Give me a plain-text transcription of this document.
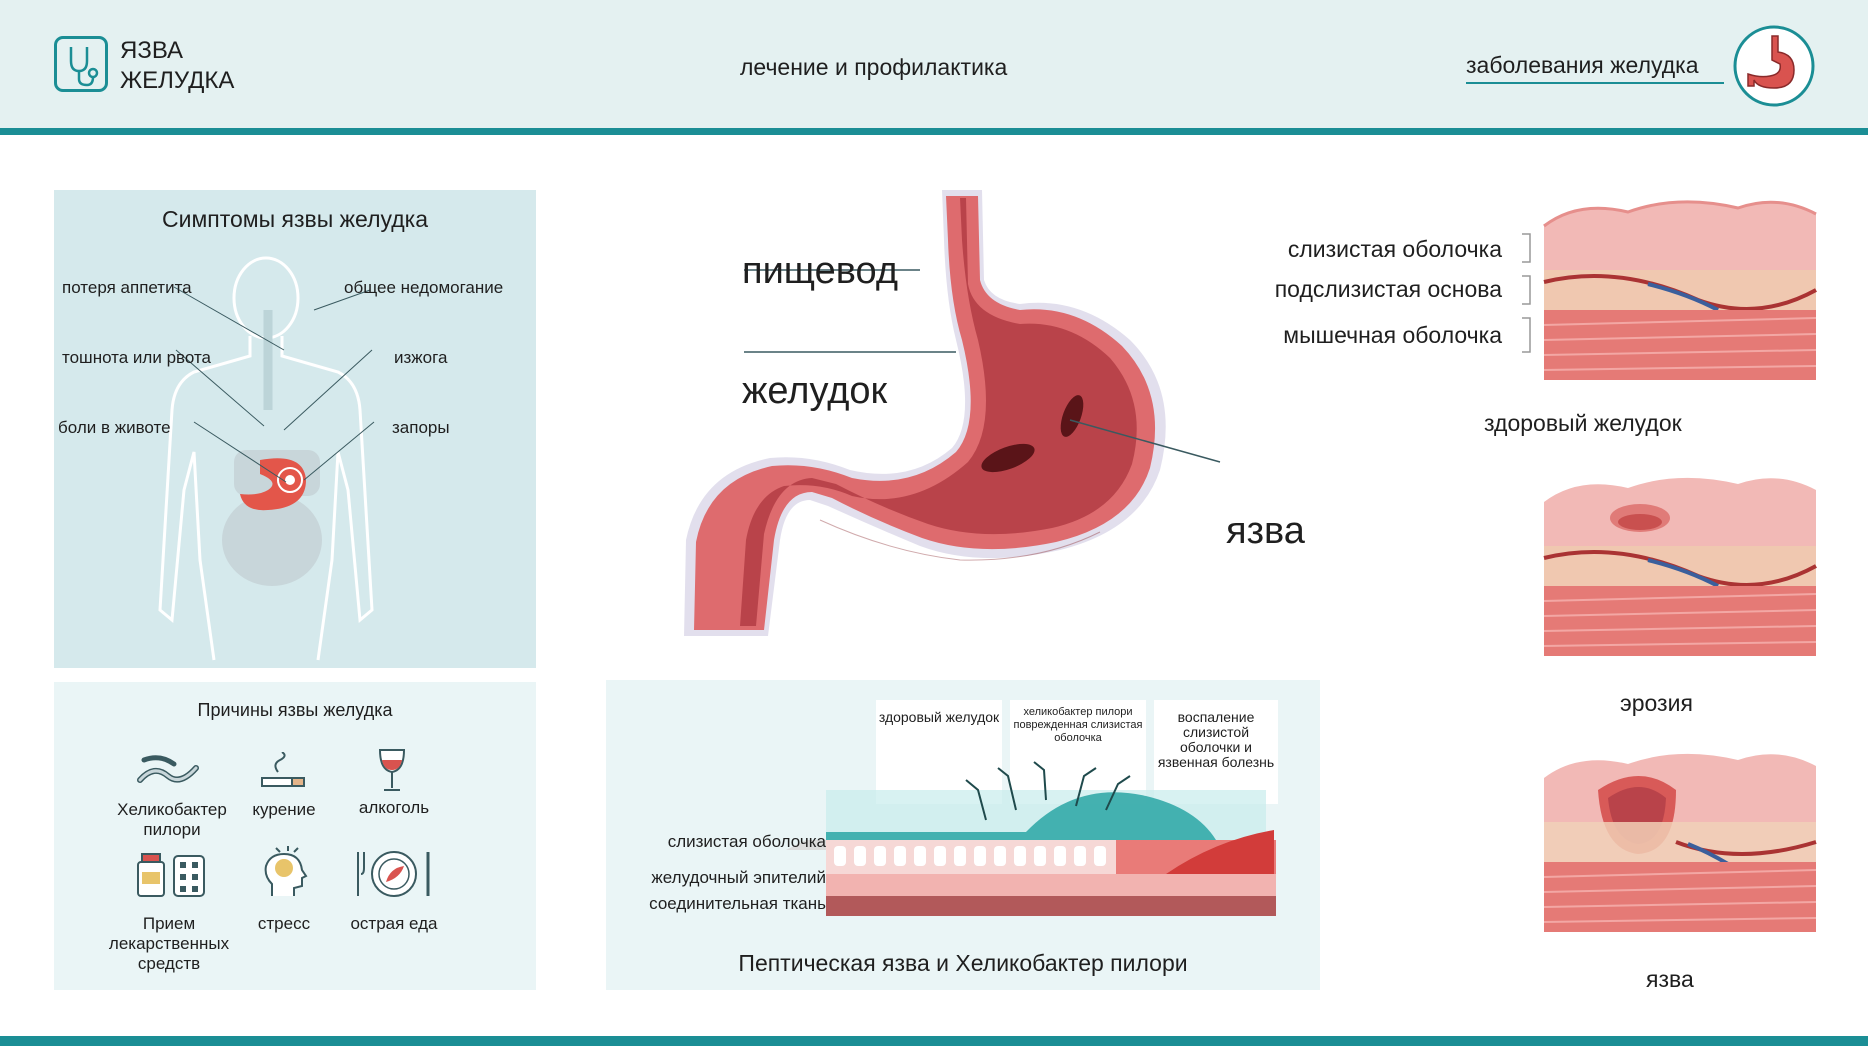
ЯЗВА
ЖЕЛУДКА	лечение и профилактика	заболевания желудка
Симптомы язвы желудка
потеря аппетита	общее недомогание
тошнота или рвота	изжога
боли в животе	запоры
Причины язвы желудка
Хеликобактер пилори
курение	алкоголь
Прием лекарственных средств
стресс	острая еда
пищевод
желудок
язва
здоровый желудок	хеликобактер пилори поврежденная слизистая оболочка
воспаление слизистой оболочки и язвенная болезнь
слизистая оболочка
желудочный эпителий
соединительная ткань
Пептическая язва и Хеликобактер пилори
слизистая оболочка
подслизистая основа
мышечная оболочка
здоровый желудок
эрозия
язва
